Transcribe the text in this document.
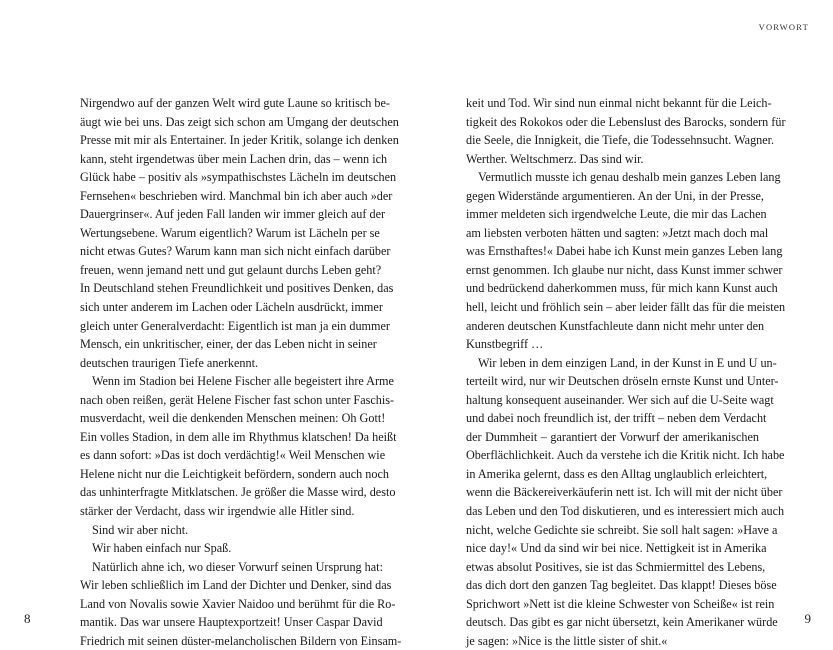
Nirgendwo auf der ganzen Welt wird gute Laune so kritisch be-
äugt wie bei uns. Das zeigt sich schon am Umgang der deutschen
Presse mit mir als Entertainer. In jeder Kritik, solange ich denken
kann, steht irgendetwas über mein Lachen drin, das – wenn ich
Glück habe – positiv als »sympathischstes Lächeln im deutschen
Fernsehen« beschrieben wird. Manchmal bin ich aber auch »der
Dauergrinser«. Auf jeden Fall landen wir immer gleich auf der
Wertungsebene. Warum eigentlich? Warum ist Lächeln per se
nicht etwas Gutes? Warum kann man sich nicht einfach darüber
freuen, wenn jemand nett und gut gelaunt durchs Leben geht?
In Deutschland stehen Freundlichkeit und positives Denken, das
sich unter anderem im Lachen oder Lächeln ausdrückt, immer
gleich unter Generalverdacht: Eigentlich ist man ja ein dummer
Mensch, ein unkritischer, einer, der das Leben nicht in seiner
deutschen traurigen Tiefe anerkennt.
Wenn im Stadion bei Helene Fischer alle begeistert ihre Arme
nach oben reißen, gerät Helene Fischer fast schon unter Faschis-
musverdacht, weil die denkenden Menschen meinen: Oh Gott!
Ein volles Stadion, in dem alle im Rhythmus klatschen! Da heißt
es dann sofort: »Das ist doch verdächtig!« Weil Menschen wie
Helene nicht nur die Leichtigkeit befördern, sondern auch noch
das unhinterfragte Mitklatschen. Je größer die Masse wird, desto
stärker der Verdacht, dass wir irgendwie alle Hitler sind.
Sind wir aber nicht.
Wir haben einfach nur Spaß.
Natürlich ahne ich, wo dieser Vorwurf seinen Ursprung hat:
Wir leben schließlich im Land der Dichter und Denker, sind das
Land von Novalis sowie Xavier Naidoo und berühmt für die Ro-
mantik. Das war unsere Hauptexportzeit! Unser Caspar David
Friedrich mit seinen düster-melancholischen Bildern von Einsam-
8
VORWORT
keit und Tod. Wir sind nun einmal nicht bekannt für die Leich-
tigkeit des Rokokos oder die Lebenslust des Barocks, sondern für
die Seele, die Innigkeit, die Tiefe, die Todessehnsucht. Wagner.
Werther. Weltschmerz. Das sind wir.
Vermutlich musste ich genau deshalb mein ganzes Leben lang
gegen Widerstände argumentieren. An der Uni, in der Presse,
immer meldeten sich irgendwelche Leute, die mir das Lachen
am liebsten verboten hätten und sagten: »Jetzt mach doch mal
was Ernsthaftes!« Dabei habe ich Kunst mein ganzes Leben lang
ernst genommen. Ich glaube nur nicht, dass Kunst immer schwer
und bedrückend daherkommen muss, für mich kann Kunst auch
hell, leicht und fröhlich sein – aber leider fällt das für die meisten
anderen deutschen Kunstfachleute dann nicht mehr unter den
Kunstbegriff …
Wir leben in dem einzigen Land, in der Kunst in E und U un-
terteilt wird, nur wir Deutschen dröseln ernste Kunst und Unter-
haltung konsequent auseinander. Wer sich auf die U-Seite wagt
und dabei noch freundlich ist, der trifft – neben dem Verdacht
der Dummheit – garantiert der Vorwurf der amerikanischen
Oberflächlichkeit. Auch da verstehe ich die Kritik nicht. Ich habe
in Amerika gelernt, dass es den Alltag unglaublich erleichtert,
wenn die Bäckereiverkäuferin nett ist. Ich will mit der nicht über
das Leben und den Tod diskutieren, und es interessiert mich auch
nicht, welche Gedichte sie schreibt. Sie soll halt sagen: »Have a
nice day!« Und da sind wir bei nice. Nettigkeit ist in Amerika
etwas absolut Positives, sie ist das Schmiermittel des Lebens,
das dich dort den ganzen Tag begleitet. Das klappt! Dieses böse
Sprichwort »Nett ist die kleine Schwester von Scheiße« ist rein
deutsch. Das gibt es gar nicht übersetzt, kein Amerikaner würde
je sagen: »Nice is the little sister of shit.«
9
